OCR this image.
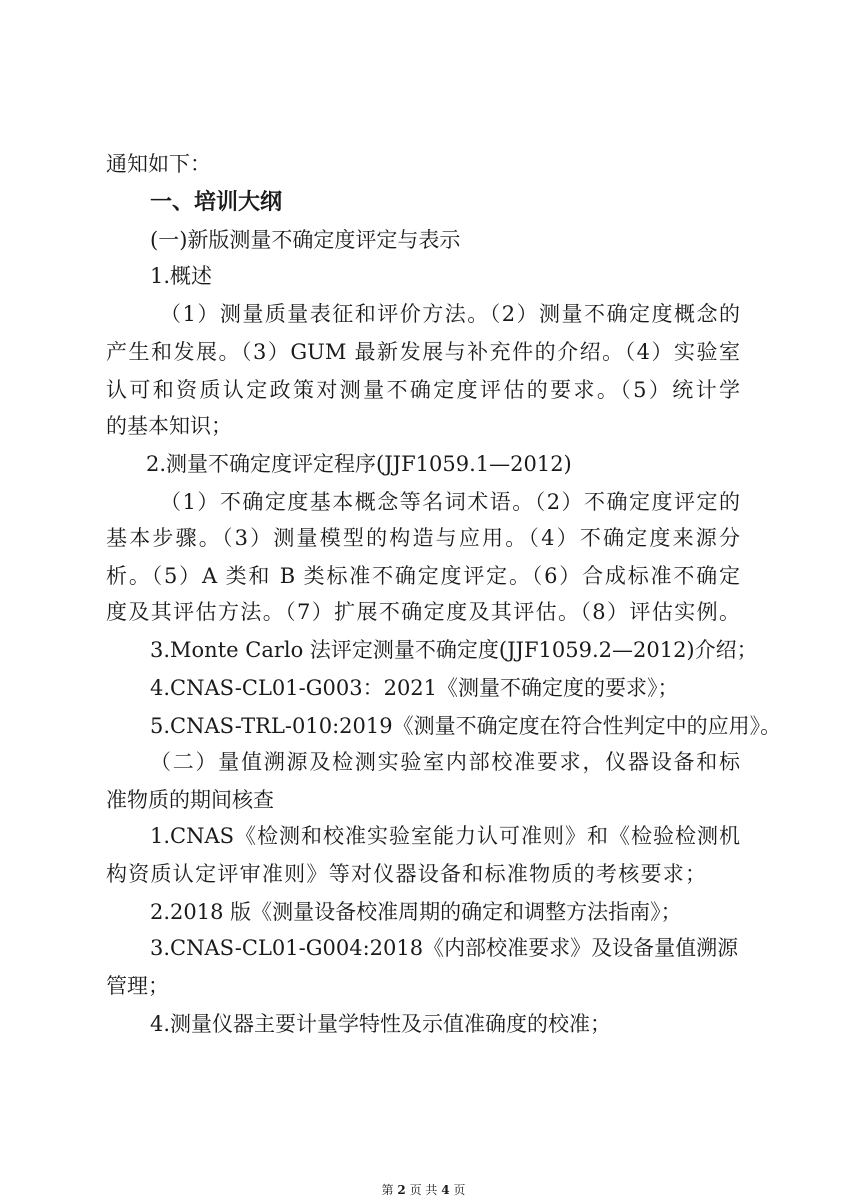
通知如下：
一、培训大纲
(一)新版测量不确定度评定与表示
1.概述
（1）测量质量表征和评价方法。（2）测量不确定度概念的
产生和发展。（3）GUM 最新发展与补充件的介绍。（4）实验室
认可和资质认定政策对测量不确定度评估的要求。（5）统计学
的基本知识；
2.测量不确定度评定程序(JJF1059.1—2012)
（1）不确定度基本概念等名词术语。（2）不确定度评定的
基本步骤。（3）测量模型的构造与应用。（4）不确定度来源分
析。（5）A 类和 B 类标准不确定度评定。（6）合成标准不确定
度及其评估方法。（7）扩展不确定度及其评估。（8）评估实例。
3.Monte Carlo 法评定测量不确定度(JJF1059.2—2012)介绍；
4.CNAS-CL01-G003：2021《测量不确定度的要求》；
5.CNAS-TRL-010:2019《测量不确定度在符合性判定中的应用》。
（二）量值溯源及检测实验室内部校准要求，仪器设备和标
准物质的期间核查
1.CNAS《检测和校准实验室能力认可准则》和《检验检测机
构资质认定评审准则》等对仪器设备和标准物质的考核要求；
2.2018 版《测量设备校准周期的确定和调整方法指南》；
3.CNAS-CL01-G004:2018《内部校准要求》及设备量值溯源
管理；
4.测量仪器主要计量学特性及示值准确度的校准；
第 2 页 共 4 页
